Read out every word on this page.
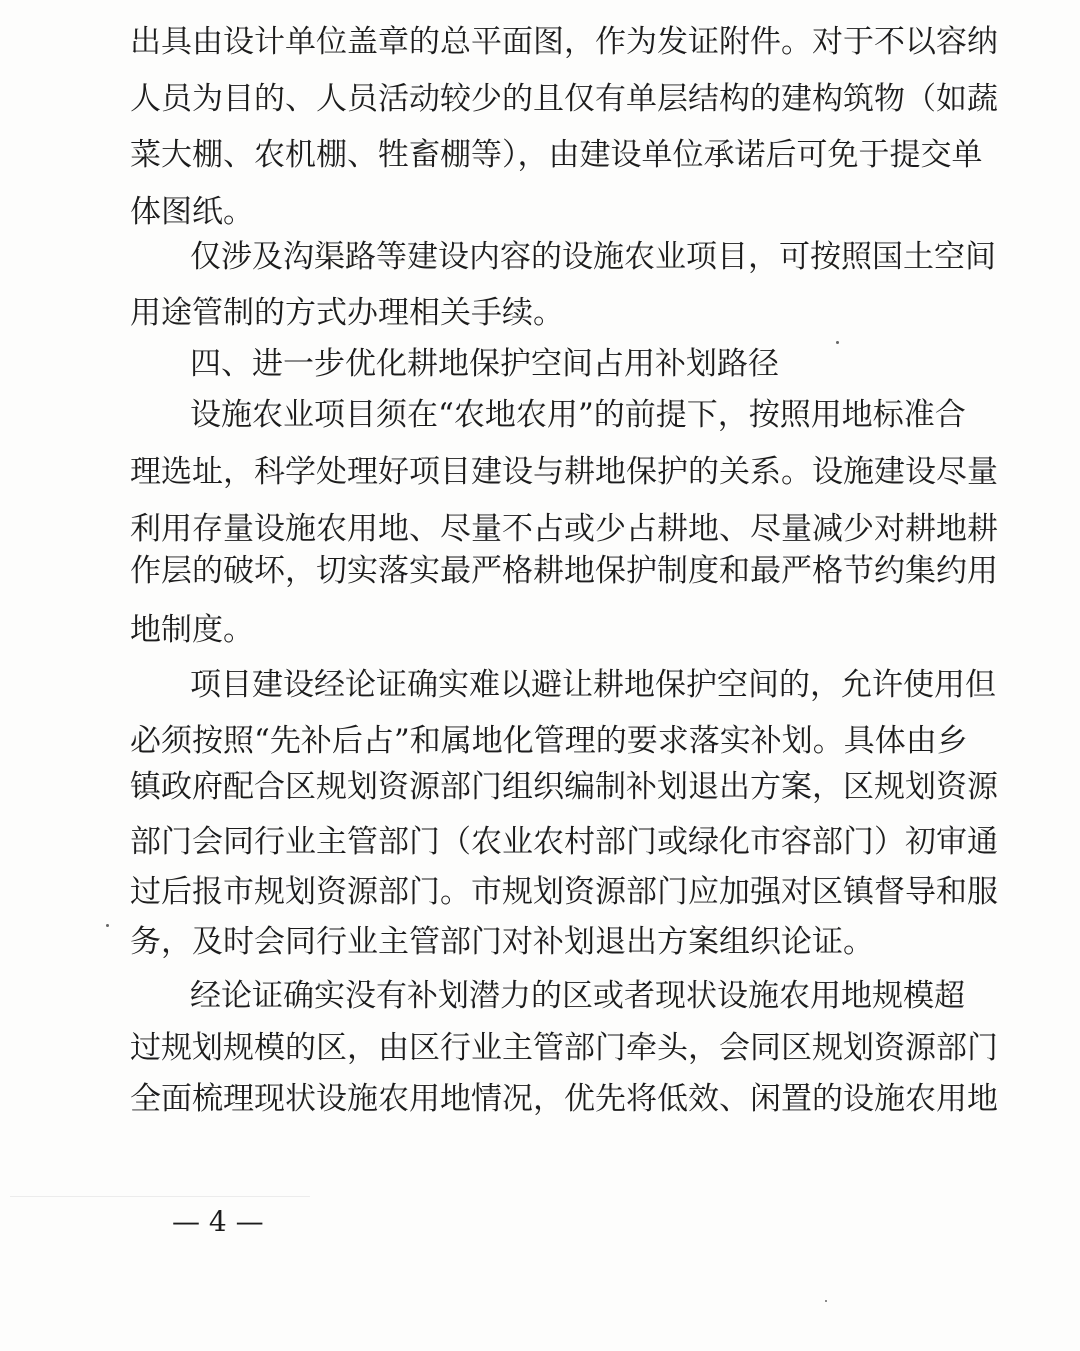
出具由设计单位盖章的总平面图，作为发证附件。对于不以容纳
人员为目的、人员活动较少的且仅有单层结构的建构筑物（如蔬
菜大棚、农机棚、牲畜棚等），由建设单位承诺后可免于提交单
体图纸。
仅涉及沟渠路等建设内容的设施农业项目，可按照国土空间
用途管制的方式办理相关手续。
四、进一步优化耕地保护空间占用补划路径
设施农业项目须在“农地农用”的前提下，按照用地标准合
理选址，科学处理好项目建设与耕地保护的关系。设施建设尽量
利用存量设施农用地、尽量不占或少占耕地、尽量减少对耕地耕
作层的破坏，切实落实最严格耕地保护制度和最严格节约集约用
地制度。
项目建设经论证确实难以避让耕地保护空间的，允许使用但
必须按照“先补后占”和属地化管理的要求落实补划。具体由乡
镇政府配合区规划资源部门组织编制补划退出方案，区规划资源
部门会同行业主管部门（农业农村部门或绿化市容部门）初审通
过后报市规划资源部门。市规划资源部门应加强对区镇督导和服
务，及时会同行业主管部门对补划退出方案组织论证。
经论证确实没有补划潜力的区或者现状设施农用地规模超
过规划规模的区，由区行业主管部门牵头，会同区规划资源部门
全面梳理现状设施农用地情况，优先将低效、闲置的设施农用地
— 4 —
